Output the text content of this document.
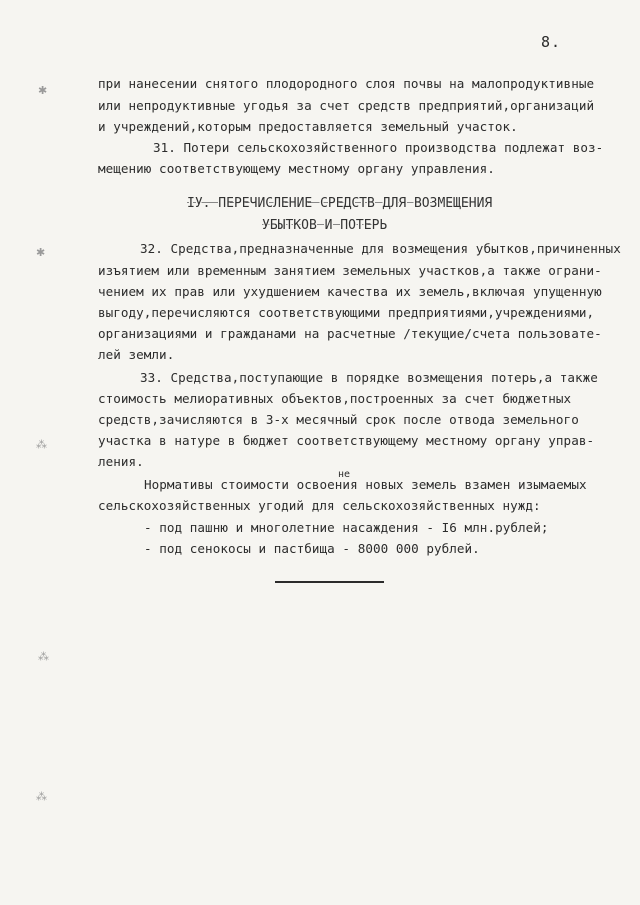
8.
при нанесении снятого плодородного слоя почвы на малопродуктивные
или непродуктивные угодья за счет средств предприятий,организаций
и учреждений,которым предоставляется земельный участок.
31. Потери сельскохозяйственного производства подлежат воз-
мещению соответствующему местному органу управления.
IУ. ПЕРЕЧИСЛЕНИЕ СРЕДСТВ ДЛЯ ВОЗМЕЩЕНИЯ
УБЫТКОВ И ПОТЕРЬ
32. Средства,предназначенные для возмещения убытков,причиненных
изъятием или временным занятием земельных участков,а также ограни-
чением их прав или ухудшением качества их земель,включая упущенную
выгоду,перечисляются соответствующими предприятиями,учреждениями,
организациями и гражданами на расчетные /текущие/счета пользовате-
лей земли.
33. Средства,поступающие в порядке возмещения потерь,а также
стоимость мелиоративных объектов,построенных за счет бюджетных
средств,зачисляются в 3-х месячный срок после отвода земельного
участка в натуре в бюджет соответствующему местному органу управ-
ления.
Нормативы стоимости освоения новых земель взамен изымаемых
не
сельскохозяйственных угодий для сельскохозяйственных нужд:
- под пашню и многолетние насаждения - I6 млн.рублей;
- под сенокосы и пастбища - 8000 000 рублей.
✱
✱
⁂
⁂
⁂
